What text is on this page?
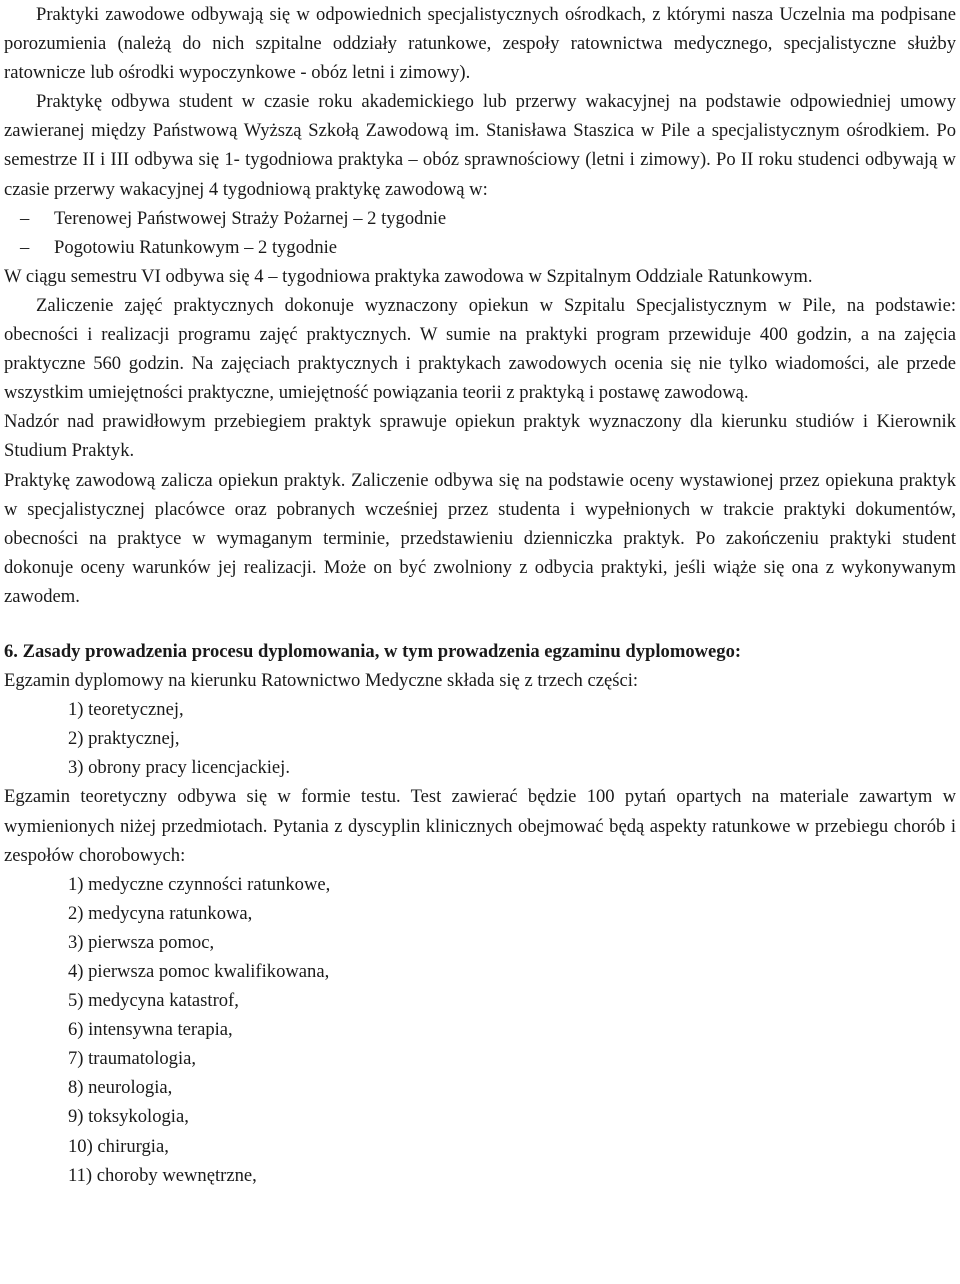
Praktyki zawodowe odbywają się w odpowiednich specjalistycznych ośrodkach, z którymi nasza Uczelnia ma podpisane porozumienia (należą do nich szpitalne oddziały ratunkowe, zespoły ratownictwa medycznego, specjalistyczne służby ratownicze lub ośrodki wypoczynkowe - obóz letni i zimowy).

Praktykę odbywa student w czasie roku akademickiego lub przerwy wakacyjnej na podstawie odpowiedniej umowy zawieranej między Państwową Wyższą Szkołą Zawodową im. Stanisława Staszica w Pile a specjalistycznym ośrodkiem. Po semestrze II i III odbywa się 1- tygodniowa praktyka – obóz sprawnościowy (letni i zimowy). Po II roku studenci odbywają w czasie przerwy wakacyjnej 4 tygodniową praktykę zawodową w:

– Terenowej Państwowej Straży Pożarnej – 2 tygodnie
– Pogotowiu Ratunkowym – 2 tygodnie

W ciągu semestru VI odbywa się 4 – tygodniowa praktyka zawodowa w Szpitalnym Oddziale Ratunkowym.

Zaliczenie zajęć praktycznych dokonuje wyznaczony opiekun w Szpitalu Specjalistycznym w Pile, na podstawie: obecności i realizacji programu zajęć praktycznych. W sumie na praktyki program przewiduje 400 godzin, a na zajęcia praktyczne 560 godzin. Na zajęciach praktycznych i praktykach zawodowych ocenia się nie tylko wiadomości, ale przede wszystkim umiejętności praktyczne, umiejętność powiązania teorii z praktyką i postawę zawodową.

Nadzór nad prawidłowym przebiegiem praktyk sprawuje opiekun praktyk wyznaczony dla kierunku studiów i Kierownik Studium Praktyk.

Praktykę zawodową zalicza opiekun praktyk. Zaliczenie odbywa się na podstawie oceny wystawionej przez opiekuna praktyk w specjalistycznej placówce oraz pobranych wcześniej przez studenta i wypełnionych w trakcie praktyki dokumentów, obecności na praktyce w wymaganym terminie, przedstawieniu dzienniczka praktyk. Po zakończeniu praktyki student dokonuje oceny warunków jej realizacji. Może on być zwolniony z odbycia praktyki, jeśli wiąże się ona z wykonywanym zawodem.

6. Zasady prowadzenia procesu dyplomowania, w tym prowadzenia egzaminu dyplomowego:

Egzamin dyplomowy na kierunku Ratownictwo Medyczne składa się z trzech części:

1) teoretycznej,
2) praktycznej,
3) obrony pracy licencjackiej.

Egzamin teoretyczny odbywa się w formie testu. Test zawierać będzie 100 pytań opartych na materiale zawartym w wymienionych niżej przedmiotach. Pytania z dyscyplin klinicznych obejmować będą aspekty ratunkowe w przebiegu chorób i zespołów chorobowych:

1) medyczne czynności ratunkowe,
2) medycyna ratunkowa,
3) pierwsza pomoc,
4) pierwsza pomoc kwalifikowana,
5) medycyna katastrof,
6) intensywna terapia,
7) traumatologia,
8) neurologia,
9) toksykologia,
10) chirurgia,
11) choroby wewnętrzne,
